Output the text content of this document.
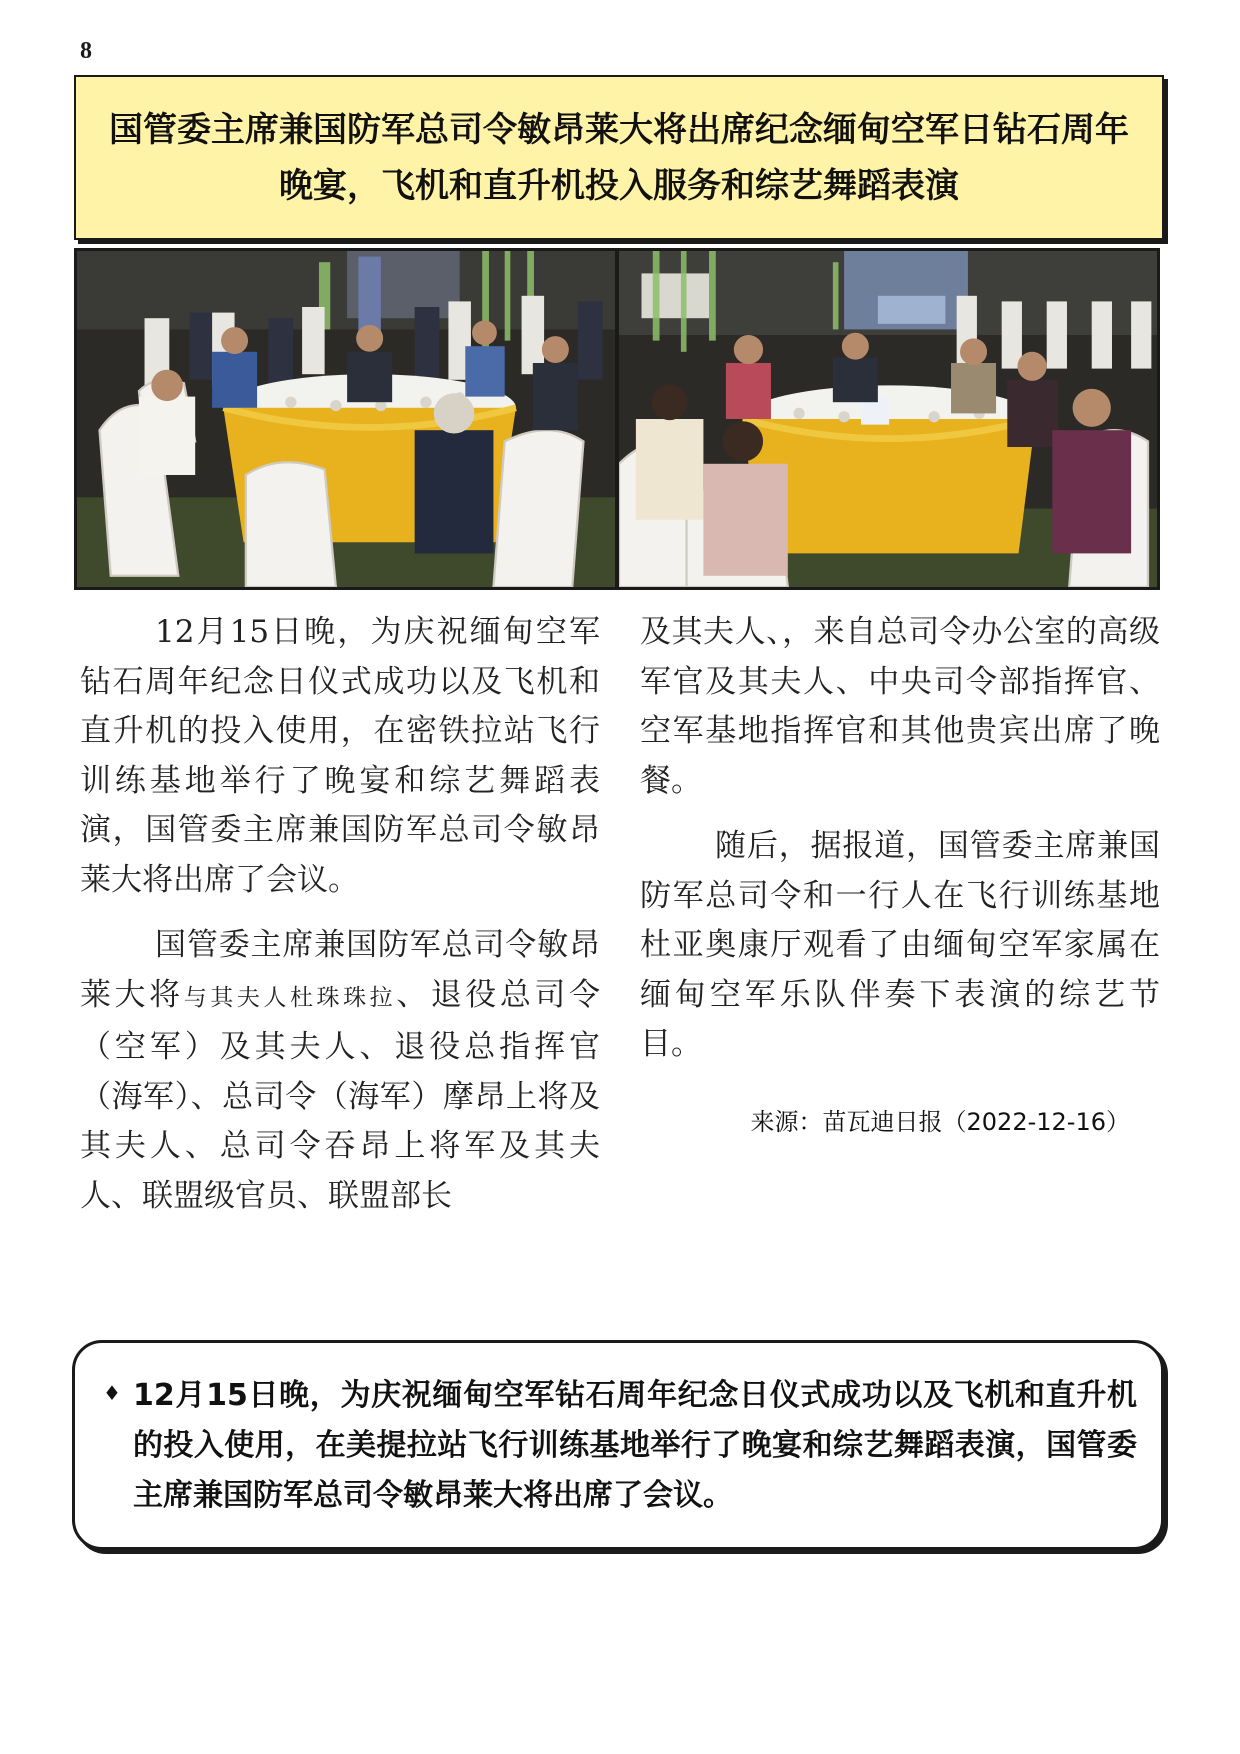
8
国管委主席兼国防军总司令敏昂莱大将出席纪念缅甸空军日钻石周年晚宴，飞机和直升机投入服务和综艺舞蹈表演

12月15日晚，为庆祝缅甸空军钻石周年纪念日仪式成功以及飞机和直升机的投入使用，在密铁拉站飞行训练基地举行了晚宴和综艺舞蹈表演，国管委主席兼国防军总司令敏昂莱大将出席了会议。

国管委主席兼国防军总司令敏昂莱大将与其夫人杜珠珠拉、退役总司令（空军）及其夫人、退役总指挥官（海军）、总司令（海军）摩昂上将及其夫人、总司令吞昂上将军及其夫人、联盟级官员、联盟部长

及其夫人、，来自总司令办公室的高级军官及其夫人、中央司令部指挥官、空军基地指挥官和其他贵宾出席了晚餐。

随后，据报道，国管委主席兼国防军总司令和一行人在飞行训练基地杜亚奥康厅观看了由缅甸空军家属在缅甸空军乐队伴奏下表演的综艺节目。

来源：苗瓦迪日报（2022-12-16）
♦ 12月15日晚，为庆祝缅甸空军钻石周年纪念日仪式成功以及飞机和直升机的投入使用，在美提拉站飞行训练基地举行了晚宴和综艺舞蹈表演，国管委主席兼国防军总司令敏昂莱大将出席了会议。
